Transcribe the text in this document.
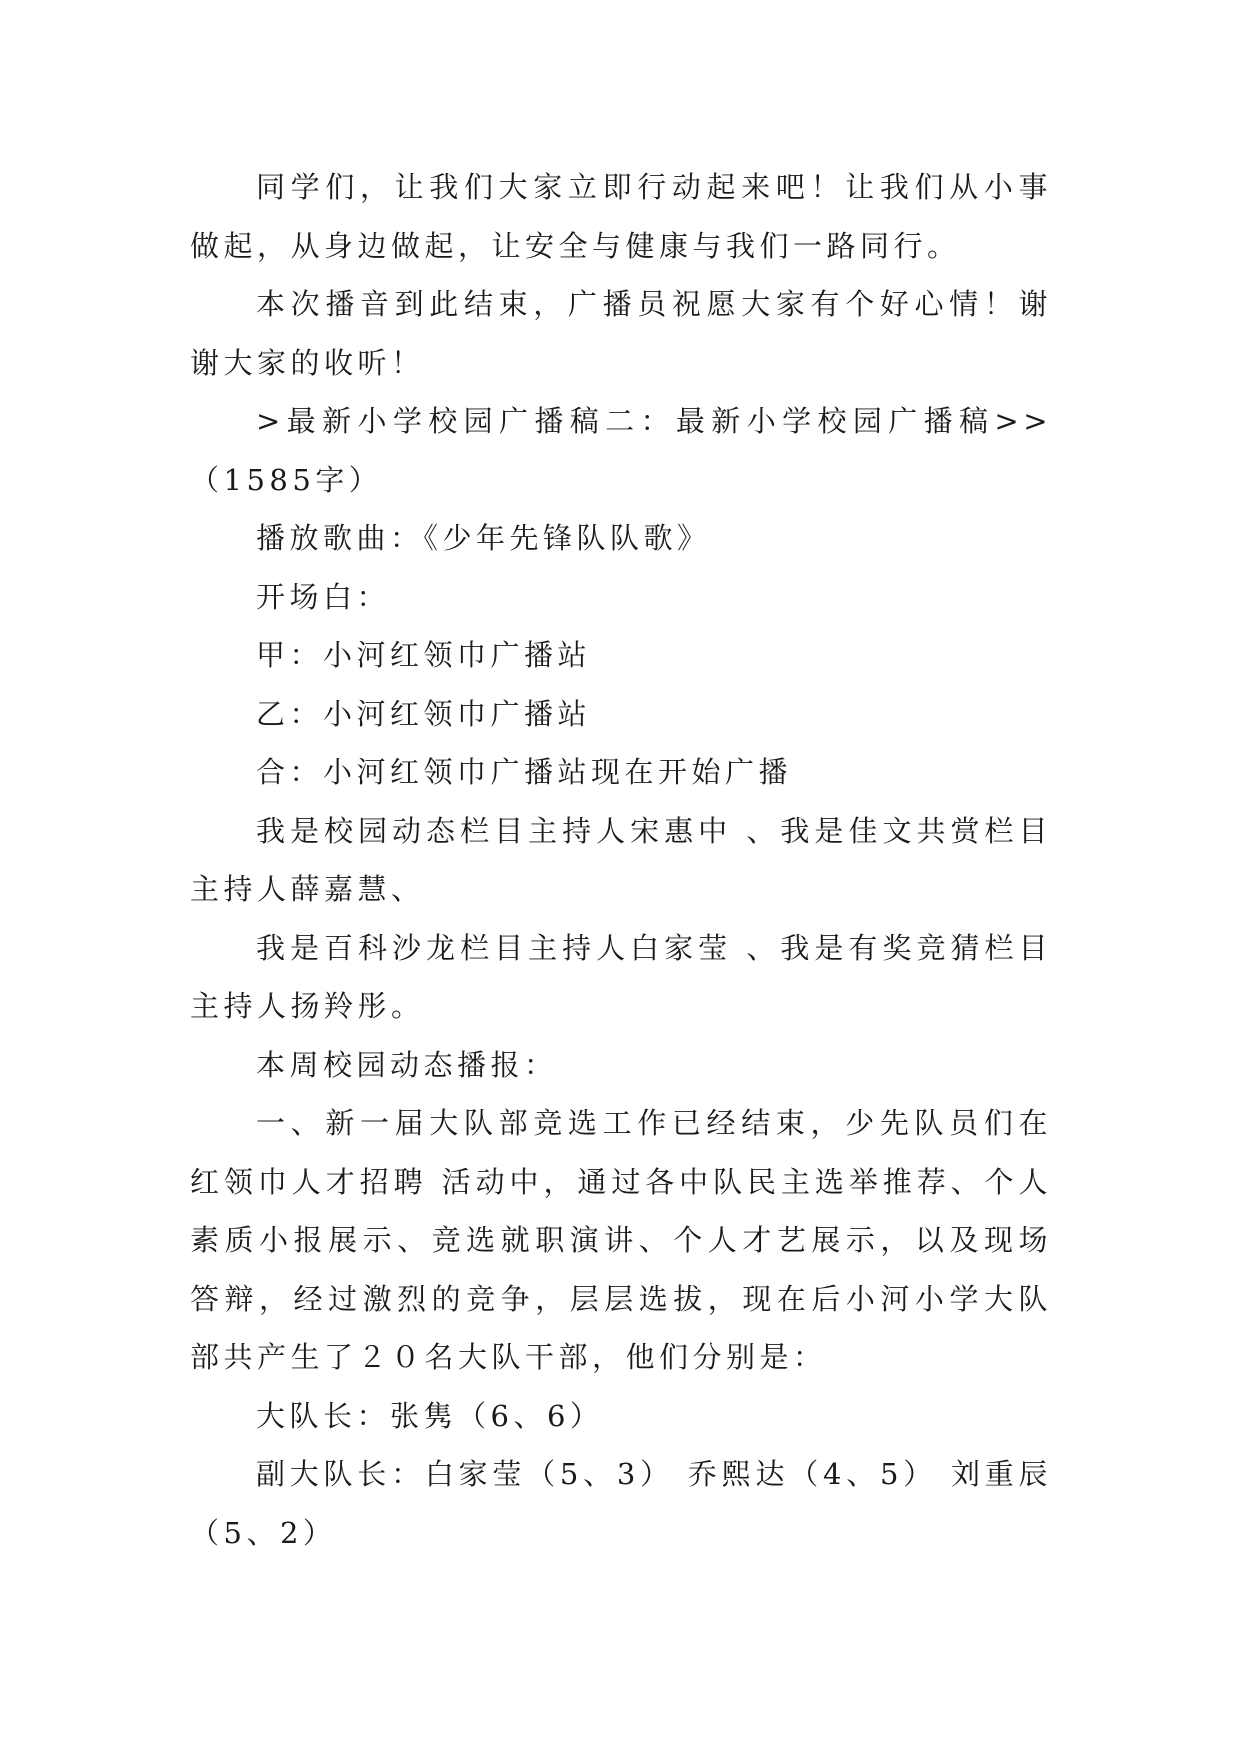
同学们，让我们大家立即行动起来吧！让我们从小事做起，从身边做起，让安全与健康与我们一路同行。

本次播音到此结束，广播员祝愿大家有个好心情！谢谢大家的收听！

>最新小学校园广播稿二：最新小学校园广播稿>>（1585字）

播放歌曲：《少年先锋队队歌》

开场白：

甲：小河红领巾广播站

乙：小河红领巾广播站

合：小河红领巾广播站现在开始广播

我是校园动态栏目主持人宋惠中 、我是佳文共赏栏目主持人薛嘉慧、

我是百科沙龙栏目主持人白家莹 、我是有奖竞猜栏目主持人扬羚彤。

本周校园动态播报：

一、新一届大队部竞选工作已经结束，少先队员们在红领巾人才招聘 活动中，通过各中队民主选举推荐、个人素质小报展示、竞选就职演讲、个人才艺展示，以及现场答辩，经过激烈的竞争，层层选拔，现在后小河小学大队部共产生了２０名大队干部，他们分别是：

大队长：张隽（6、6）

副大队长：白家莹（5、3） 乔熙达（4、5） 刘重辰（5、2）
